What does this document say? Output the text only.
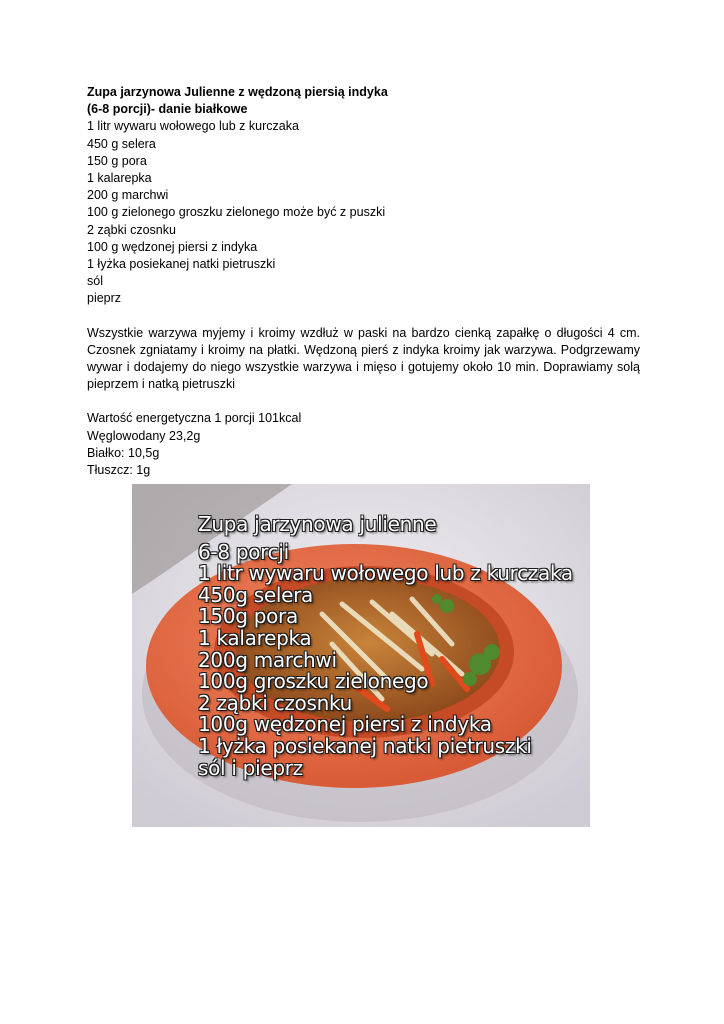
Zupa jarzynowa Julienne z wędzoną piersią indyka
(6-8 porcji)- danie białkowe
1 litr wywaru wołowego lub z kurczaka
450 g selera
150 g pora
1 kalarepka
200 g marchwi
100 g zielonego groszku zielonego może być z puszki
2 ząbki czosnku
100 g wędzonej piersi z indyka
1 łyżka posiekanej natki pietruszki
sól
pieprz
Wszystkie warzywa myjemy i kroimy wzdłuż w paski na bardzo cienką zapałkę o długości 4 cm. Czosnek zgniatamy i kroimy na płatki. Wędzoną pierś z indyka kroimy jak warzywa. Podgrzewamy wywar i dodajemy do niego wszystkie warzywa i mięso i gotujemy około 10 min. Doprawiamy solą pieprzem i natką pietruszki
Wartość energetyczna 1 porcji 101kcal
Węglowodany 23,2g
Białko: 10,5g
Tłuszcz: 1g
Zupa jarzynowa julienne
6-8 porcji
1 litr wywaru wołowego lub z kurczaka
450g selera
150g pora
1 kalarepka
200g marchwi
100g groszku zielonego
2 ząbki czosnku
100g wędzonej piersi z indyka
1 łyżka posiekanej natki pietruszki
sól i pieprz
